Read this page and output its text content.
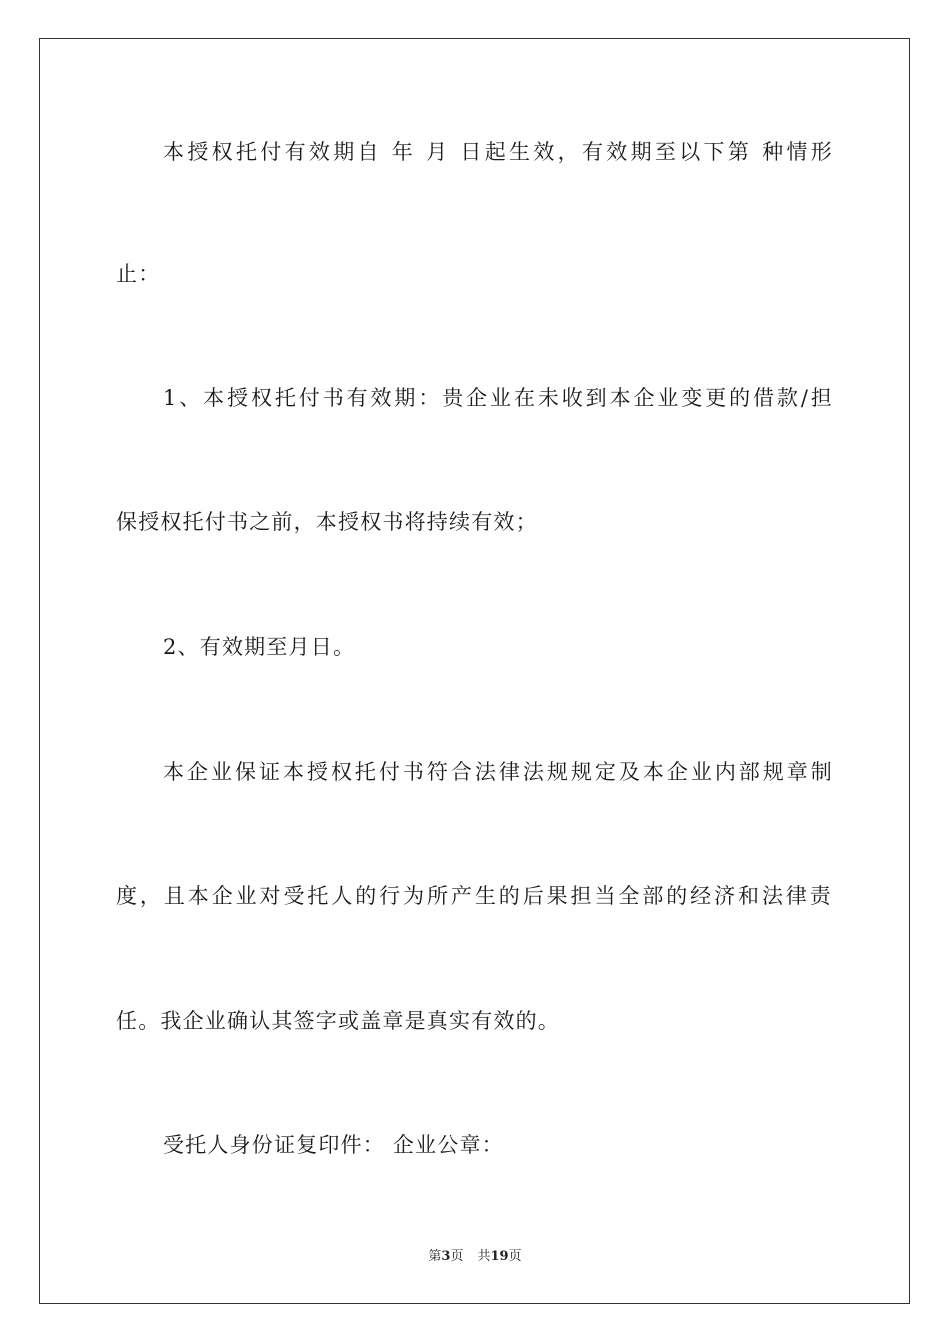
本授权托付有效期自 年 月 日起生效，有效期至以下第 种情形
止：
1、本授权托付书有效期：贵企业在未收到本企业变更的借款/担
保授权托付书之前，本授权书将持续有效；
2、有效期至月日。
本企业保证本授权托付书符合法律法规规定及本企业内部规章制
度，且本企业对受托人的行为所产生的后果担当全部的经济和法律责
任。我企业确认其签字或盖章是真实有效的。
受托人身份证复印件： 企业公章：
第3页 共19页
